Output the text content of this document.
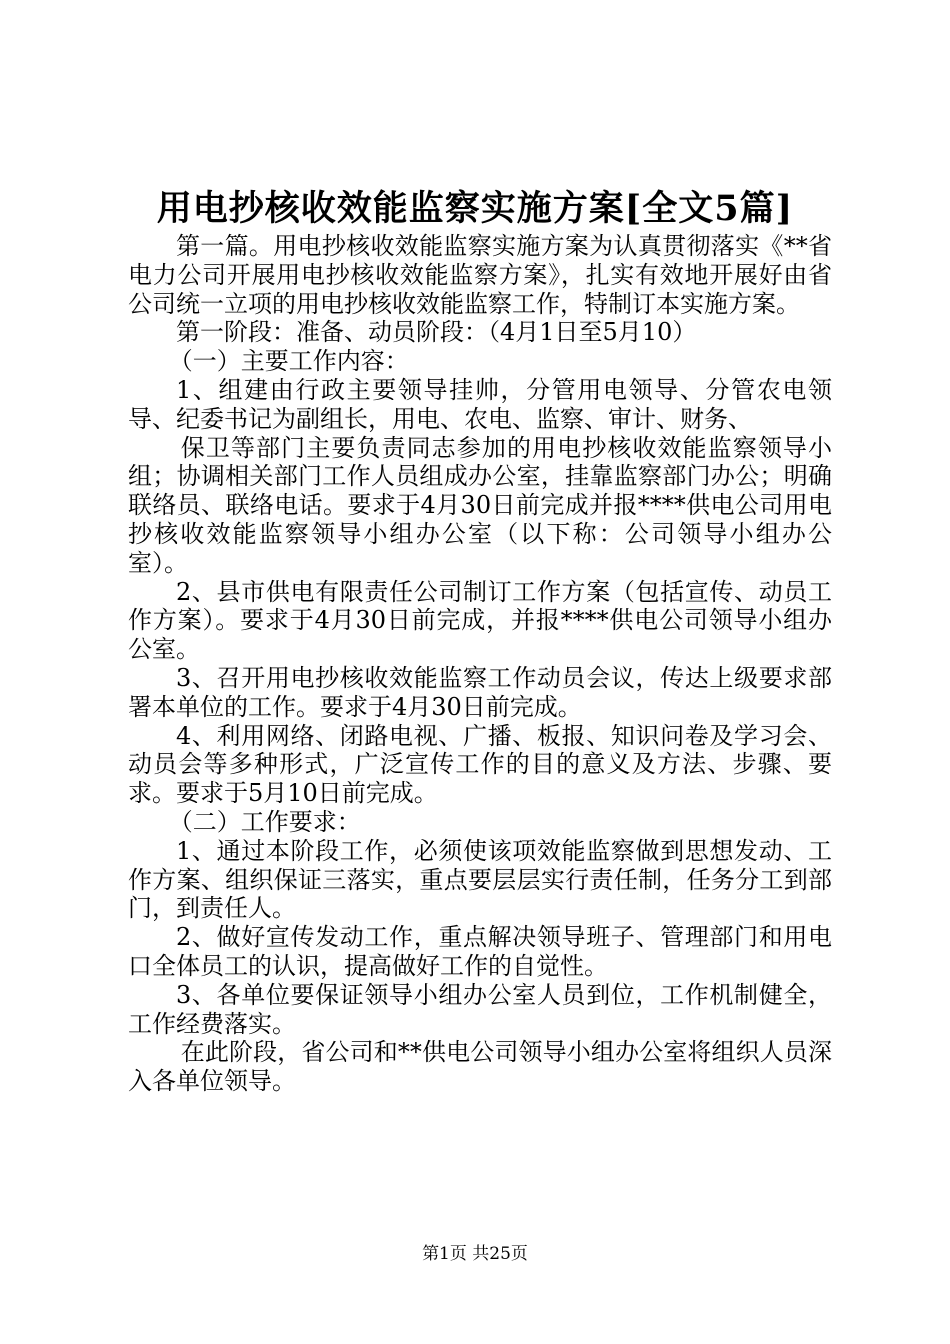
用电抄核收效能监察实施方案[全文5篇]

第一篇。用电抄核收效能监察实施方案为认真贯彻落实《**省电力公司开展用电抄核收效能监察方案》，扎实有效地开展好由省公司统一立项的用电抄核收效能监察工作，特制订本实施方案。

第一阶段：准备、动员阶段：（4月1日至5月10）

（一）主要工作内容：

1、组建由行政主要领导挂帅，分管用电领导、分管农电领导、纪委书记为副组长，用电、农电、监察、审计、财务、

保卫等部门主要负责同志参加的用电抄核收效能监察领导小组；协调相关部门工作人员组成办公室，挂靠监察部门办公；明确联络员、联络电话。要求于4月30日前完成并报****供电公司用电抄核收效能监察领导小组办公室（以下称：公司领导小组办公室）。

2、县市供电有限责任公司制订工作方案（包括宣传、动员工作方案）。要求于4月30日前完成，并报****供电公司领导小组办公室。

3、召开用电抄核收效能监察工作动员会议，传达上级要求部署本单位的工作。要求于4月30日前完成。

4、利用网络、闭路电视、广播、板报、知识问卷及学习会、动员会等多种形式，广泛宣传工作的目的意义及方法、步骤、要求。要求于5月10日前完成。

（二）工作要求：

1、通过本阶段工作，必须使该项效能监察做到思想发动、工作方案、组织保证三落实，重点要层层实行责任制，任务分工到部门，到责任人。

2、做好宣传发动工作，重点解决领导班子、管理部门和用电口全体员工的认识，提高做好工作的自觉性。

3、各单位要保证领导小组办公室人员到位，工作机制健全，工作经费落实。

在此阶段，省公司和**供电公司领导小组办公室将组织人员深入各单位领导。

第1页 共25页
